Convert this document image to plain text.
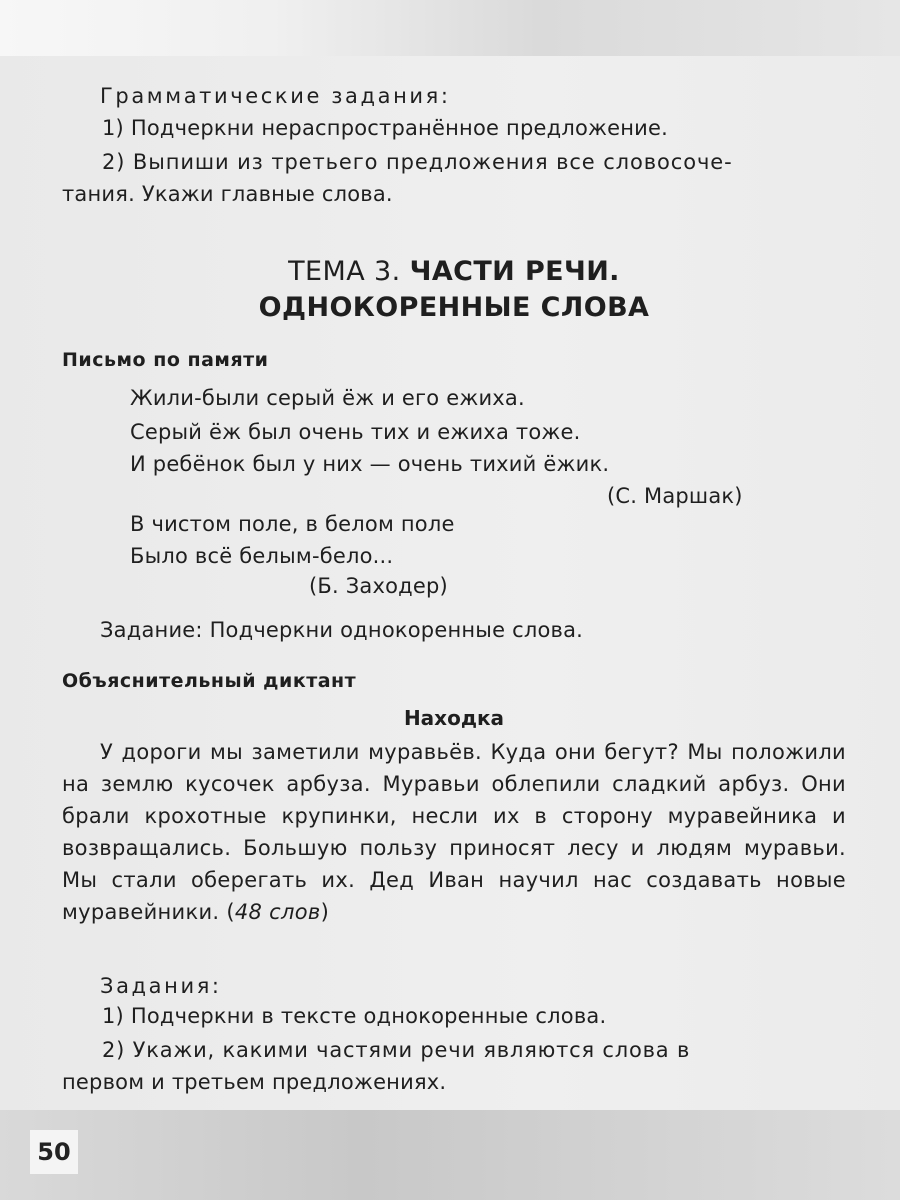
Грамматические задания:
1) Подчеркни нераспространённое предложение.
2) Выпиши из третьего предложения все словосоче-
тания. Укажи главные слова.
ТЕМА 3. ЧАСТИ РЕЧИ.
ОДНОКОРЕННЫЕ СЛОВА
Письмо по памяти
Жили-были серый ёж и его ежиха.
Серый ёж был очень тих и ежиха тоже.
И ребёнок был у них — очень тихий ёжик.
(С. Маршак)
В чистом поле, в белом поле
Было всё белым-бело...
(Б. Заходер)
Задание: Подчеркни однокоренные слова.
Объяснительный диктант
Находка
У дороги мы заметили муравьёв. Куда они бегут? Мы положили на землю кусочек арбуза. Муравьи облепили сладкий арбуз. Они брали крохотные крупинки, несли их в сторону муравейника и возвращались. Большую пользу приносят лесу и людям муравьи. Мы стали оберегать их. Дед Иван научил нас создавать новые муравейники. (48 слов)
Задания:
1) Подчеркни в тексте однокоренные слова.
2) Укажи, какими частями речи являются слова в
первом и третьем предложениях.
50
